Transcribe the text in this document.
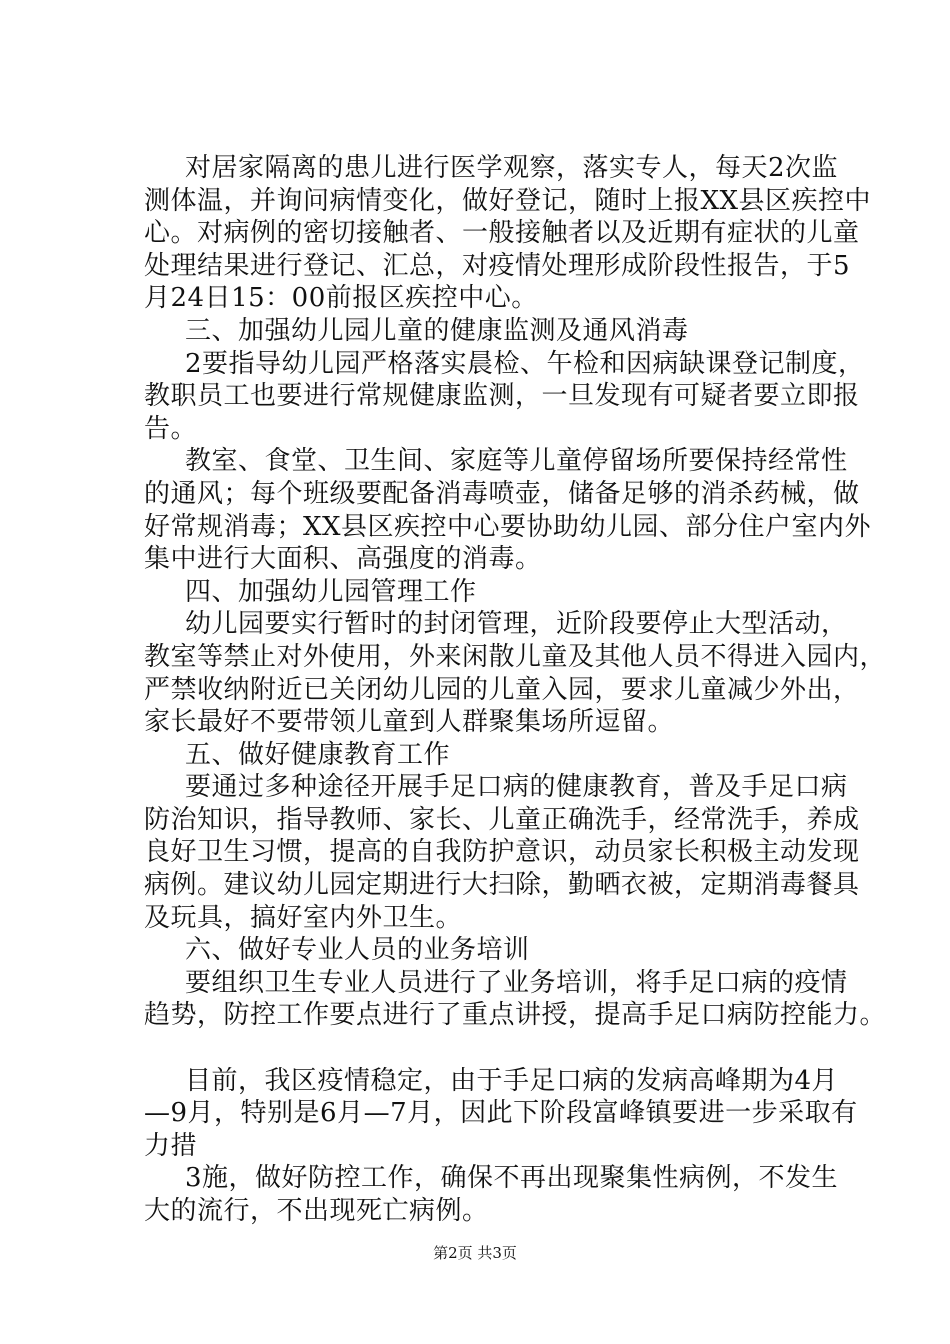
对居家隔离的患儿进行医学观察，落实专人，每天2次监
测体温，并询问病情变化，做好登记，随时上报XX县区疾控中
心。对病例的密切接触者、一般接触者以及近期有症状的儿童
处理结果进行登记、汇总，对疫情处理形成阶段性报告，于5
月24日15：00前报区疾控中心。
三、加强幼儿园儿童的健康监测及通风消毒
2要指导幼儿园严格落实晨检、午检和因病缺课登记制度，
教职员工也要进行常规健康监测，一旦发现有可疑者要立即报
告。
教室、食堂、卫生间、家庭等儿童停留场所要保持经常性
的通风；每个班级要配备消毒喷壶，储备足够的消杀药械，做
好常规消毒；XX县区疾控中心要协助幼儿园、部分住户室内外
集中进行大面积、高强度的消毒。
四、加强幼儿园管理工作
幼儿园要实行暂时的封闭管理，近阶段要停止大型活动，
教室等禁止对外使用，外来闲散儿童及其他人员不得进入园内，
严禁收纳附近已关闭幼儿园的儿童入园，要求儿童减少外出，
家长最好不要带领儿童到人群聚集场所逗留。
五、做好健康教育工作
要通过多种途径开展手足口病的健康教育，普及手足口病
防治知识，指导教师、家长、儿童正确洗手，经常洗手，养成
良好卫生习惯，提高的自我防护意识，动员家长积极主动发现
病例。建议幼儿园定期进行大扫除，勤晒衣被，定期消毒餐具
及玩具，搞好室内外卫生。
六、做好专业人员的业务培训
要组织卫生专业人员进行了业务培训，将手足口病的疫情
趋势，防控工作要点进行了重点讲授，提高手足口病防控能力。
目前，我区疫情稳定，由于手足口病的发病高峰期为4月
—9月，特别是6月—7月，因此下阶段富峰镇要进一步采取有
力措
3施，做好防控工作，确保不再出现聚集性病例，不发生
大的流行，不出现死亡病例。
第2页 共3页
